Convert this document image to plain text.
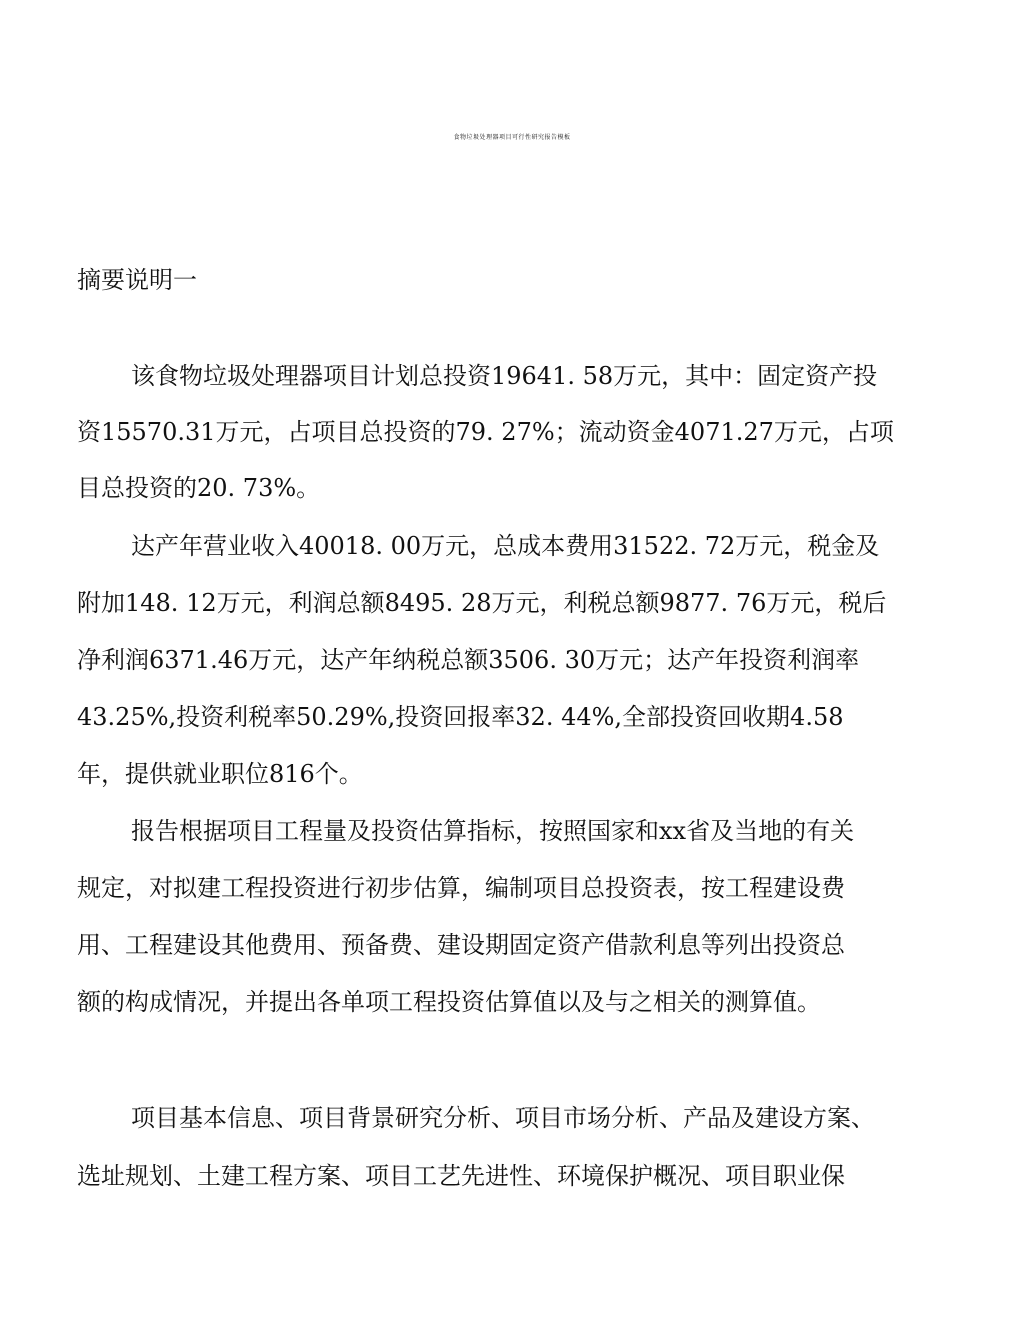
食物垃圾处理器项目可行性研究报告模板
摘要说明一
该食物垃圾处理器项目计划总投资19641. 58万元，其中：固定资产投
资15570.31万元，占项目总投资的79. 27%；流动资金4071.27万元，占项
目总投资的20. 73%。
达产年营业收入40018. 00万元，总成本费用31522. 72万元，税金及
附加148. 12万元，利润总额8495. 28万元，利税总额9877. 76万元，税后
净利润6371.46万元，达产年纳税总额3506. 30万元；达产年投资利润率
43.25%,投资利税率50.29%,投资回报率32. 44%,全部投资回收期4.58
年，提供就业职位816个。
报告根据项目工程量及投资估算指标，按照国家和xx省及当地的有关
规定，对拟建工程投资进行初步估算，编制项目总投资表，按工程建设费
用、工程建设其他费用、预备费、建设期固定资产借款利息等列出投资总
额的构成情况，并提出各单项工程投资估算值以及与之相关的测算值。
项目基本信息、项目背景研究分析、项目市场分析、产品及建设方案、
选址规划、土建工程方案、项目工艺先进性、环境保护概况、项目职业保
